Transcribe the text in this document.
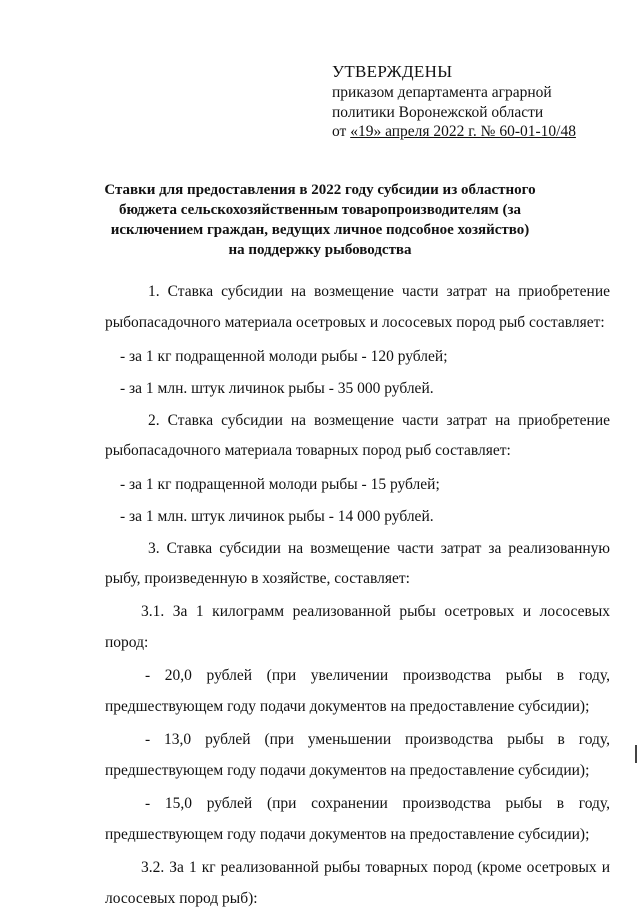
УТВЕРЖДЕНЫ
приказом департамента аграрной
политики Воронежской области
от «19» апреля 2022 г. № 60-01-10/48
Ставки для предоставления в 2022 году субсидии из областного
бюджета сельскохозяйственным товаропроизводителям (за
исключением граждан, ведущих личное подсобное хозяйство)
на поддержку рыбоводства
1. Ставка субсидии на возмещение части затрат на приобретение
рыбопасадочного материала осетровых и лососевых пород рыб составляет:
- за 1 кг подращенной молоди рыбы - 120 рублей;
- за 1 млн. штук личинок рыбы - 35 000 рублей.
2. Ставка субсидии на возмещение части затрат на приобретение
рыбопасадочного материала товарных пород рыб составляет:
- за 1 кг подращенной молоди рыбы - 15 рублей;
- за 1 млн. штук личинок рыбы - 14 000 рублей.
3. Ставка субсидии на возмещение части затрат за реализованную
рыбу, произведенную в хозяйстве, составляет:
3.1. За 1 килограмм реализованной рыбы осетровых и лососевых
пород:
- 20,0 рублей (при увеличении производства рыбы в году,
предшествующем году подачи документов на предоставление субсидии);
- 13,0 рублей (при уменьшении производства рыбы в году,
предшествующем году подачи документов на предоставление субсидии);
- 15,0 рублей (при сохранении производства рыбы в году,
предшествующем году подачи документов на предоставление субсидии);
3.2. За 1 кг реализованной рыбы товарных пород (кроме осетровых и
лососевых пород рыб):
